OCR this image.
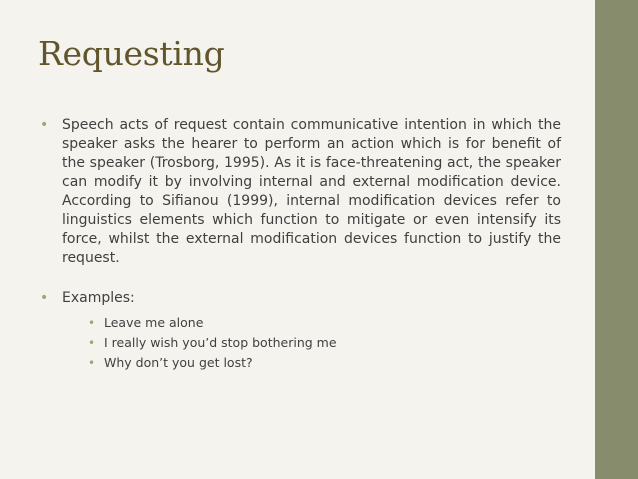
Requesting
• Speech acts of request contain communicative intention in which the speaker asks the hearer to perform an action which is for benefit of the speaker (Trosborg, 1995). As it is face-threatening act, the speaker can modify it by involving internal and external modification device. According to Sifianou (1999), internal modification devices refer to linguistics elements which function to mitigate or even intensify its force, whilst the external modification devices function to justify the request.
• Examples:
• Leave me alone
• I really wish you’d stop bothering me
• Why don’t you get lost?
